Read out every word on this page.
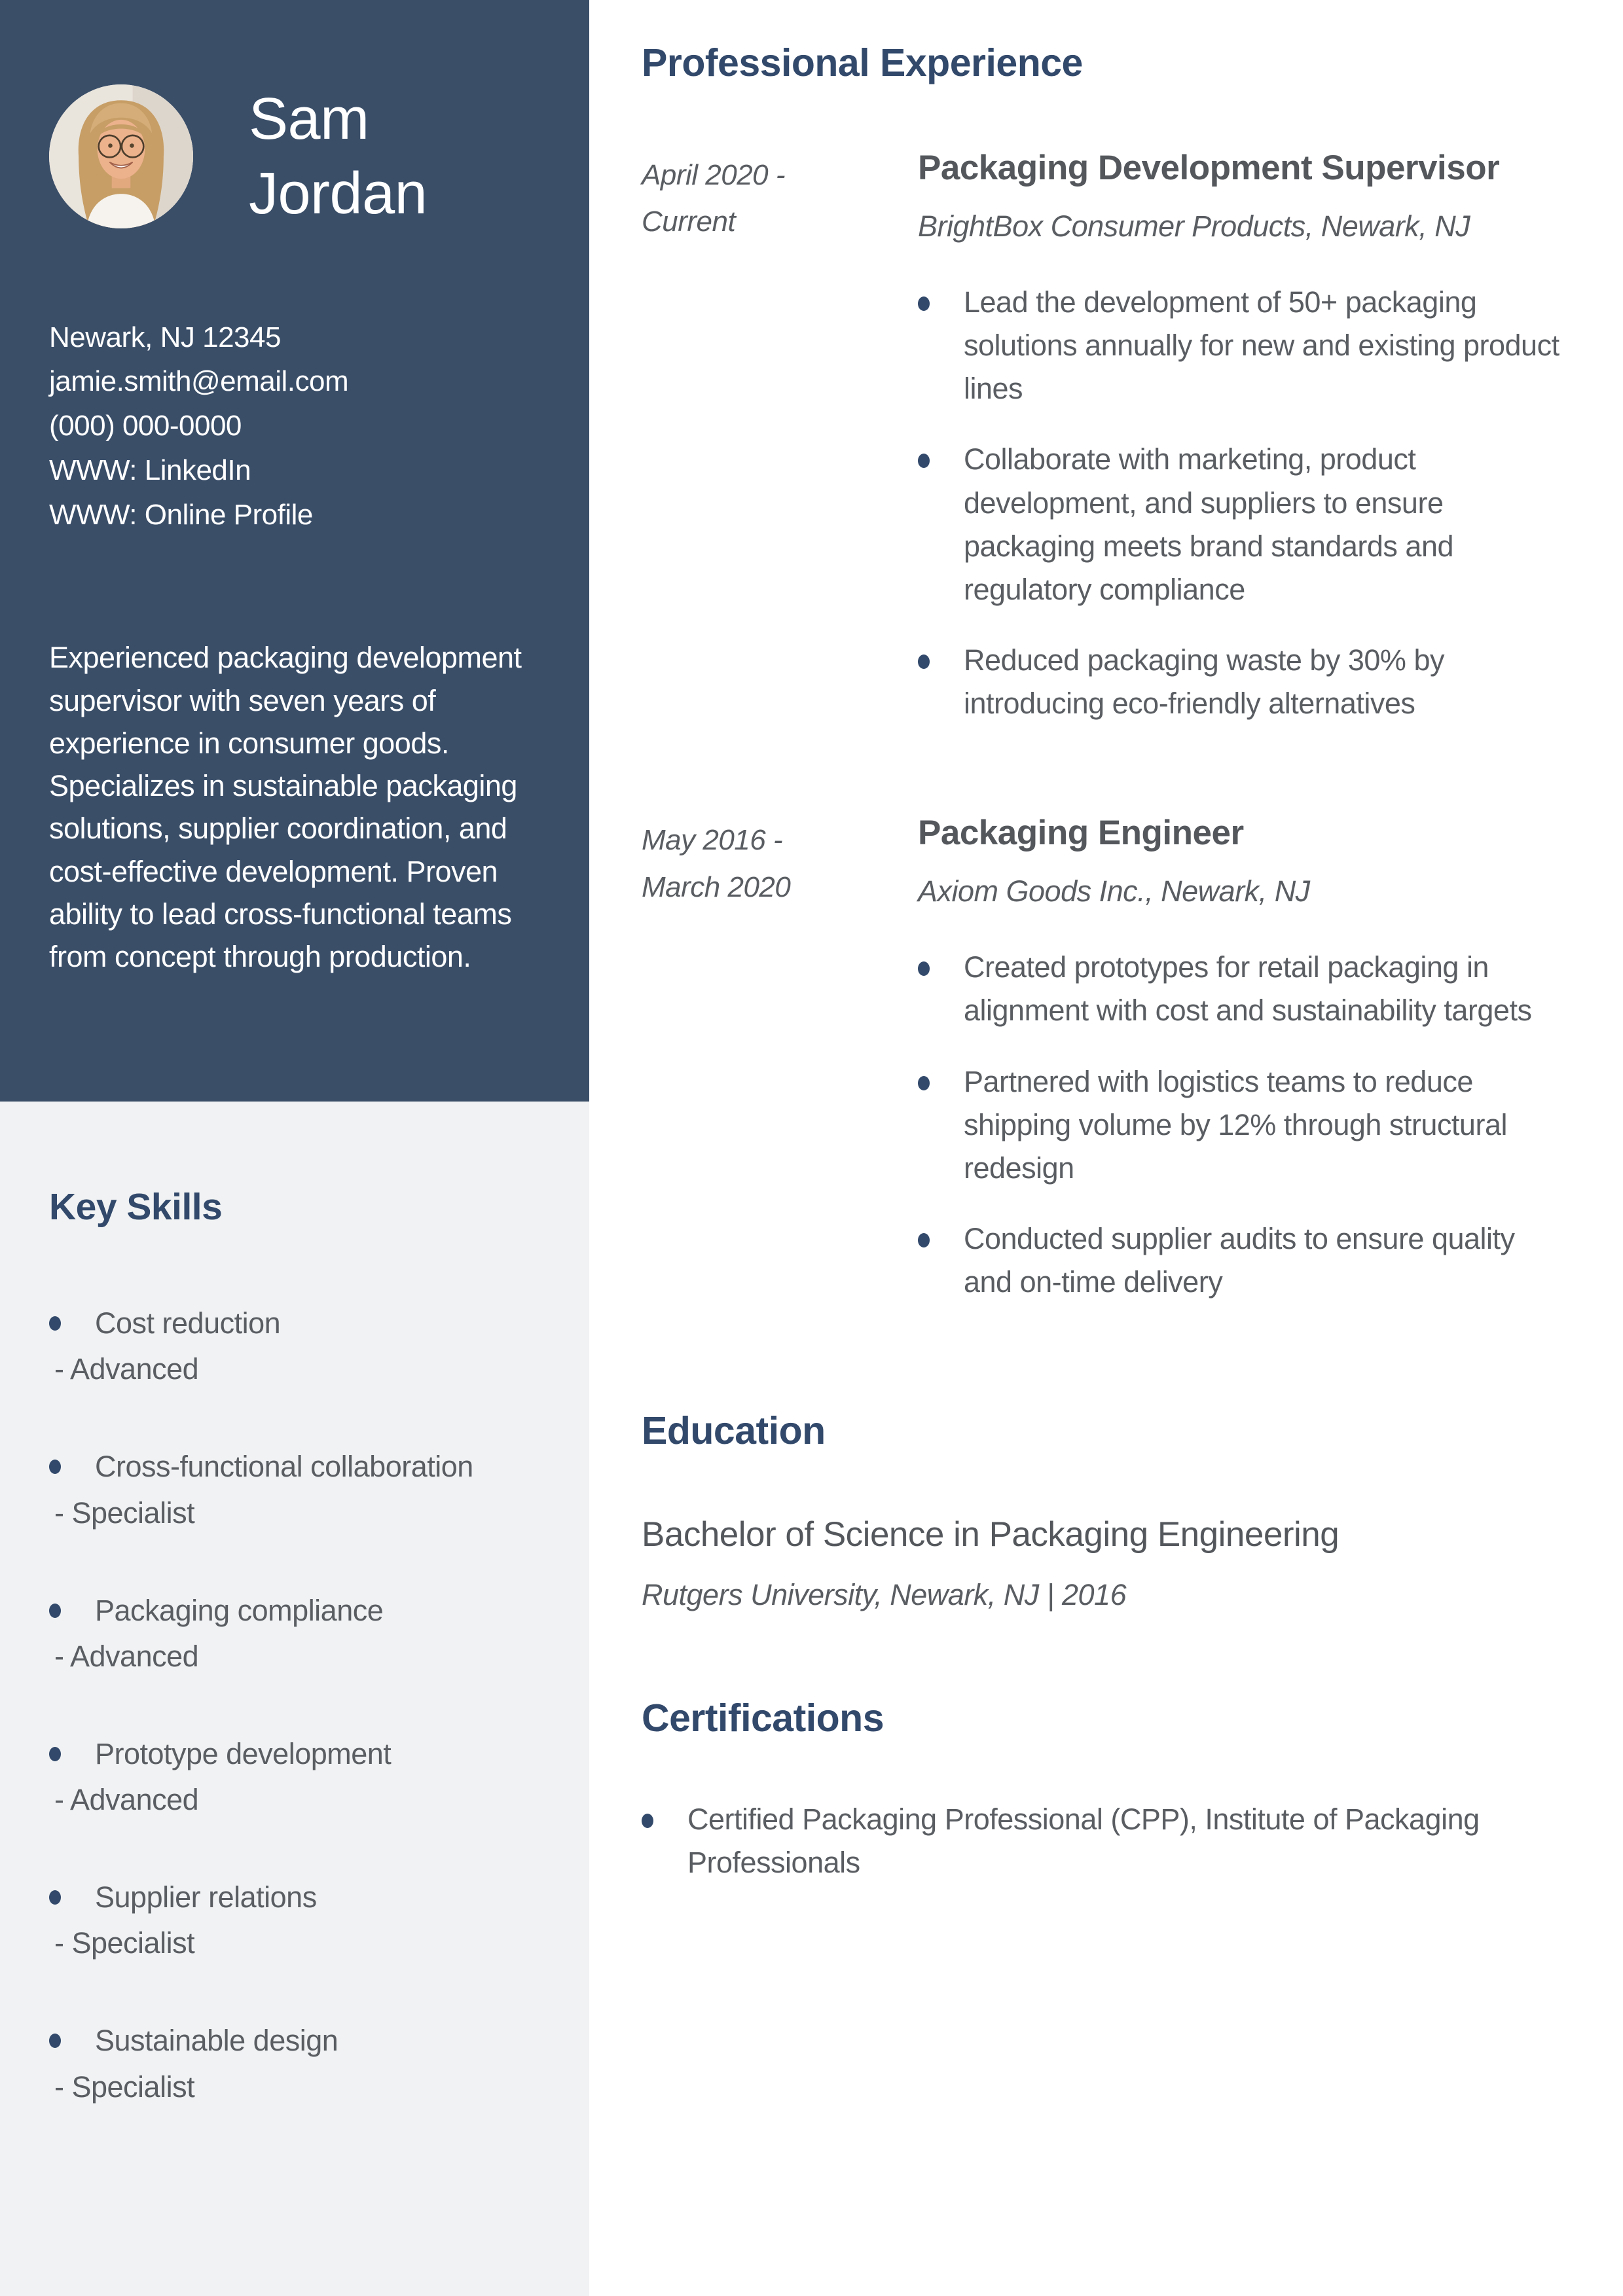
Sam Jordan
Newark, NJ 12345
jamie.smith@email.com
(000) 000-0000
WWW: LinkedIn
WWW: Online Profile
Experienced packaging development supervisor with seven years of experience in consumer goods. Specializes in sustainable packaging solutions, supplier coordination, and cost-effective development. Proven ability to lead cross-functional teams from concept through production.
Key Skills
Cost reduction
- Advanced
Cross-functional collaboration
- Specialist
Packaging compliance
- Advanced
Prototype development
- Advanced
Supplier relations
- Specialist
Sustainable design
- Specialist
Professional Experience
April 2020 -
Current
Packaging Development Supervisor
BrightBox Consumer Products, Newark, NJ
Lead the development of 50+ packaging solutions annually for new and existing product lines
Collaborate with marketing, product development, and suppliers to ensure packaging meets brand standards and regulatory compliance
Reduced packaging waste by 30% by introducing eco-friendly alternatives
May 2016 -
March 2020
Packaging Engineer
Axiom Goods Inc., Newark, NJ
Created prototypes for retail packaging in alignment with cost and sustainability targets
Partnered with logistics teams to reduce shipping volume by 12% through structural redesign
Conducted supplier audits to ensure quality and on-time delivery
Education
Bachelor of Science in Packaging Engineering
Rutgers University, Newark, NJ | 2016
Certifications
Certified Packaging Professional (CPP), Institute of Packaging Professionals
